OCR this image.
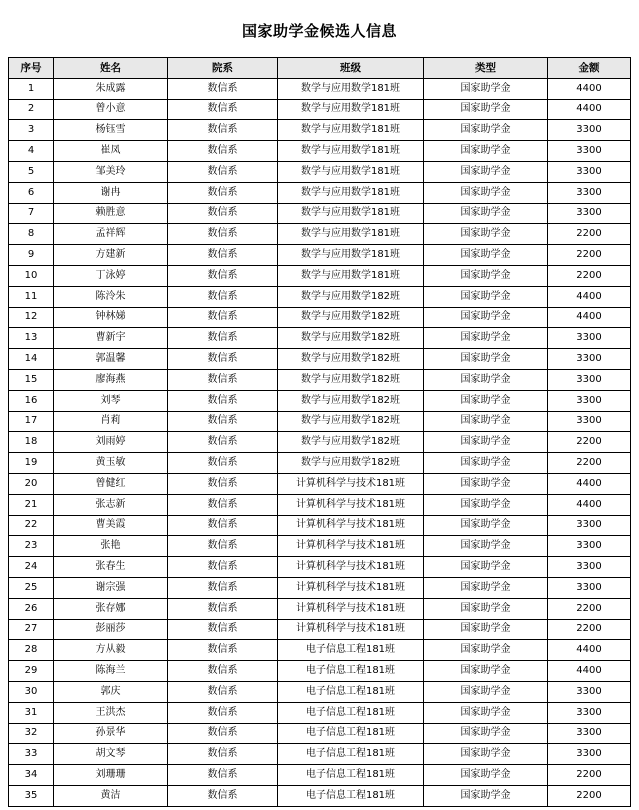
国家助学金候选人信息
序号	姓名	院系	班级	类型	金额
1	朱成露	数信系	数学与应用数学181班	国家助学金	4400
2	曾小意	数信系	数学与应用数学181班	国家助学金	4400
3	杨钰雪	数信系	数学与应用数学181班	国家助学金	3300
4	崔凤	数信系	数学与应用数学181班	国家助学金	3300
5	邹美玲	数信系	数学与应用数学181班	国家助学金	3300
6	谢冉	数信系	数学与应用数学181班	国家助学金	3300
7	赖胜意	数信系	数学与应用数学181班	国家助学金	3300
8	孟祥辉	数信系	数学与应用数学181班	国家助学金	2200
9	方建新	数信系	数学与应用数学181班	国家助学金	2200
10	丁泳婷	数信系	数学与应用数学181班	国家助学金	2200
11	陈泠朱	数信系	数学与应用数学182班	国家助学金	4400
12	钟林娣	数信系	数学与应用数学182班	国家助学金	4400
13	曹新宇	数信系	数学与应用数学182班	国家助学金	3300
14	郭温馨	数信系	数学与应用数学182班	国家助学金	3300
15	廖海燕	数信系	数学与应用数学182班	国家助学金	3300
16	刘琴	数信系	数学与应用数学182班	国家助学金	3300
17	肖莉	数信系	数学与应用数学182班	国家助学金	3300
18	刘雨婷	数信系	数学与应用数学182班	国家助学金	2200
19	黄玉敏	数信系	数学与应用数学182班	国家助学金	2200
20	曾健红	数信系	计算机科学与技术181班	国家助学金	4400
21	张志新	数信系	计算机科学与技术181班	国家助学金	4400
22	曹美霞	数信系	计算机科学与技术181班	国家助学金	3300
23	张艳	数信系	计算机科学与技术181班	国家助学金	3300
24	张春生	数信系	计算机科学与技术181班	国家助学金	3300
25	谢宗强	数信系	计算机科学与技术181班	国家助学金	3300
26	张存娜	数信系	计算机科学与技术181班	国家助学金	2200
27	彭丽莎	数信系	计算机科学与技术181班	国家助学金	2200
28	方从毅	数信系	电子信息工程181班	国家助学金	4400
29	陈海兰	数信系	电子信息工程181班	国家助学金	4400
30	郭庆	数信系	电子信息工程181班	国家助学金	3300
31	王洪杰	数信系	电子信息工程181班	国家助学金	3300
32	孙景华	数信系	电子信息工程181班	国家助学金	3300
33	胡文琴	数信系	电子信息工程181班	国家助学金	3300
34	刘珊珊	数信系	电子信息工程181班	国家助学金	2200
35	黄洁	数信系	电子信息工程181班	国家助学金	2200
